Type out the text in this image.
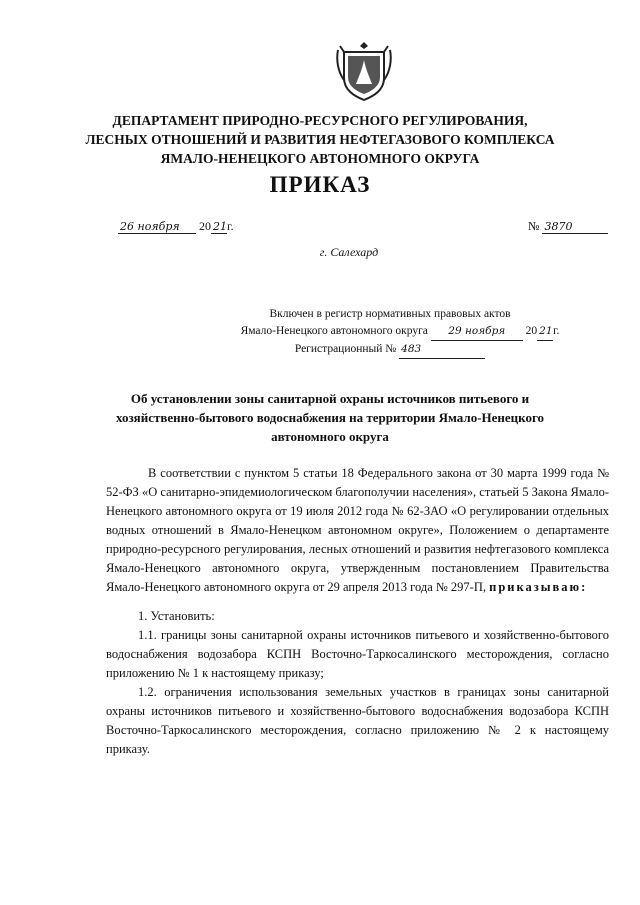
ДЕПАРТАМЕНТ ПРИРОДНО-РЕСУРСНОГО РЕГУЛИРОВАНИЯ,
ЛЕСНЫХ ОТНОШЕНИЙ И РАЗВИТИЯ НЕФТЕГАЗОВОГО КОМПЛЕКСА
ЯМАЛО-НЕНЕЦКОГО АВТОНОМНОГО ОКРУГА
ПРИКАЗ
26 ноября 20 21г.	№ 3870
г. Салехард
Включен в регистр нормативных правовых актов
Ямало-Ненецкого автономного округа 29 ноября 20 21г.
Регистрационный № 483
Об установлении зоны санитарной охраны источников питьевого и хозяйственно-бытового водоснабжения на территории Ямало-Ненецкого автономного округа

В соответствии с пунктом 5 статьи 18 Федерального закона от 30 марта 1999 года № 52-ФЗ «О санитарно-эпидемиологическом благополучии населения», статьей 5 Закона Ямало-Ненецкого автономного округа от 19 июля 2012 года № 62-ЗАО «О регулировании отдельных водных отношений в Ямало-Ненецком автономном округе», Положением о департаменте природно-ресурсного регулирования, лесных отношений и развития нефтегазового комплекса Ямало-Ненецкого автономного округа, утвержденным постановлением Правительства Ямало-Ненецкого автономного округа от 29 апреля 2013 года № 297-П, приказываю:

1. Установить:

1.1. границы зоны санитарной охраны источников питьевого и хозяйственно-бытового водоснабжения водозабора КСПН Восточно-Таркосалинского месторождения, согласно приложению № 1 к настоящему приказу;

1.2. ограничения использования земельных участков в границах зоны санитарной охраны источников питьевого и хозяйственно-бытового водоснабжения водозабора КСПН Восточно-Таркосалинского месторождения, согласно приложению № 2 к настоящему приказу.
